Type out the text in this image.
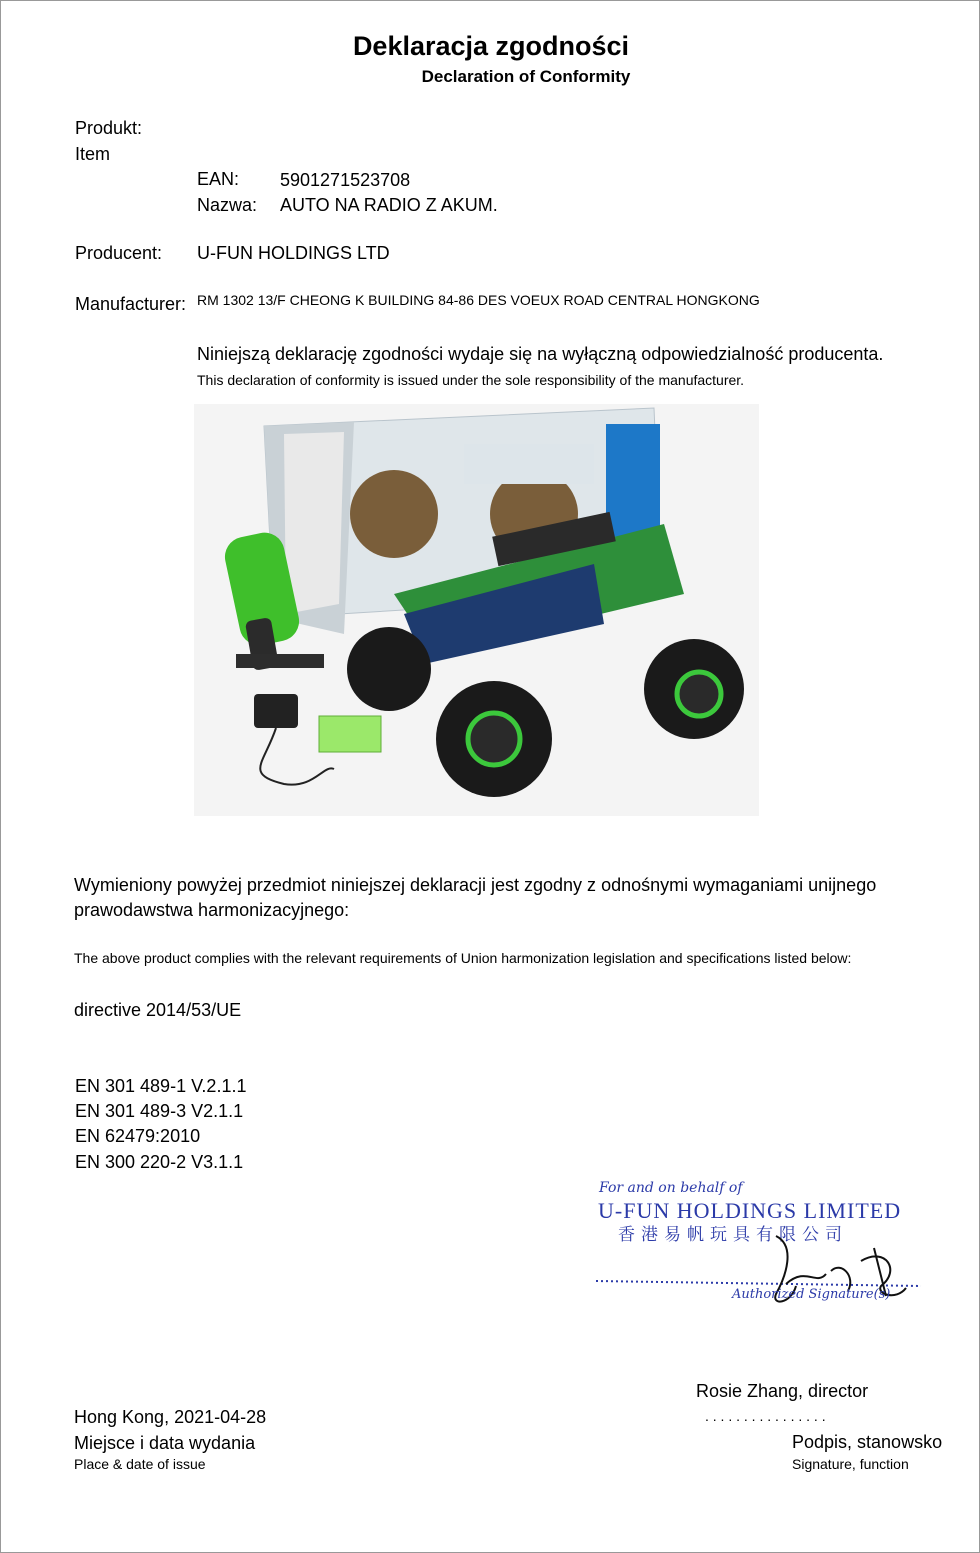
Deklaracja zgodności
Declaration of Conformity
Produkt:
Item
EAN: 5901271523708
Nazwa: AUTO NA RADIO Z AKUM.
Producent: U-FUN HOLDINGS LTD
Manufacturer: RM 1302 13/F CHEONG K BUILDING 84-86 DES VOEUX ROAD CENTRAL HONGKONG
Niniejszą deklarację zgodności wydaje się na wyłączną odpowiedzialność producenta.
This declaration of conformity is issued under the sole responsibility of the manufacturer.
Wymieniony powyżej przedmiot niniejszej deklaracji jest zgodny z odnośnymi wymaganiami unijnego
prawodawstwa harmonizacyjnego:
The above product complies with the relevant requirements of Union harmonization legislation and specifications listed below:
directive 2014/53/UE
EN 301 489-1 V.2.1.1
EN 301 489-3 V2.1.1
EN 62479:2010
EN 300 220-2 V3.1.1
For and on behalf of
U-FUN HOLDINGS LIMITED
香港易帆玩具有限公司
Authorized Signature(s)
Rosie Zhang, director
. . . . . . . . . . . . . . . .
Hong Kong, 2021-04-28
Miejsce i data wydania
Place & date of issue
Podpis, stanowsko
Signature, function
